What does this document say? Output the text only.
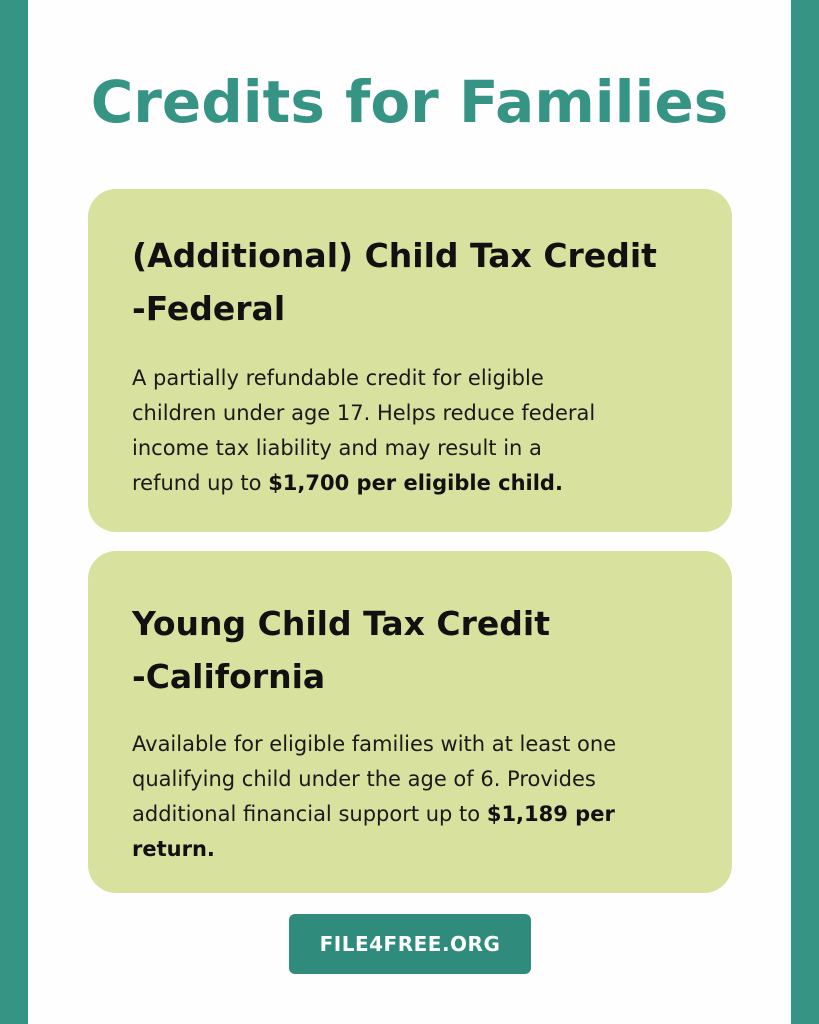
Credits for Families
(Additional) Child Tax Credit
-Federal

A partially refundable credit for eligible
children under age 17. Helps reduce federal
income tax liability and may result in a
refund up to $1,700 per eligible child.

Young Child Tax Credit
-California

Available for eligible families with at least one
qualifying child under the age of 6. Provides
additional financial support up to $1,189 per
return.

FILE4FREE.ORG
